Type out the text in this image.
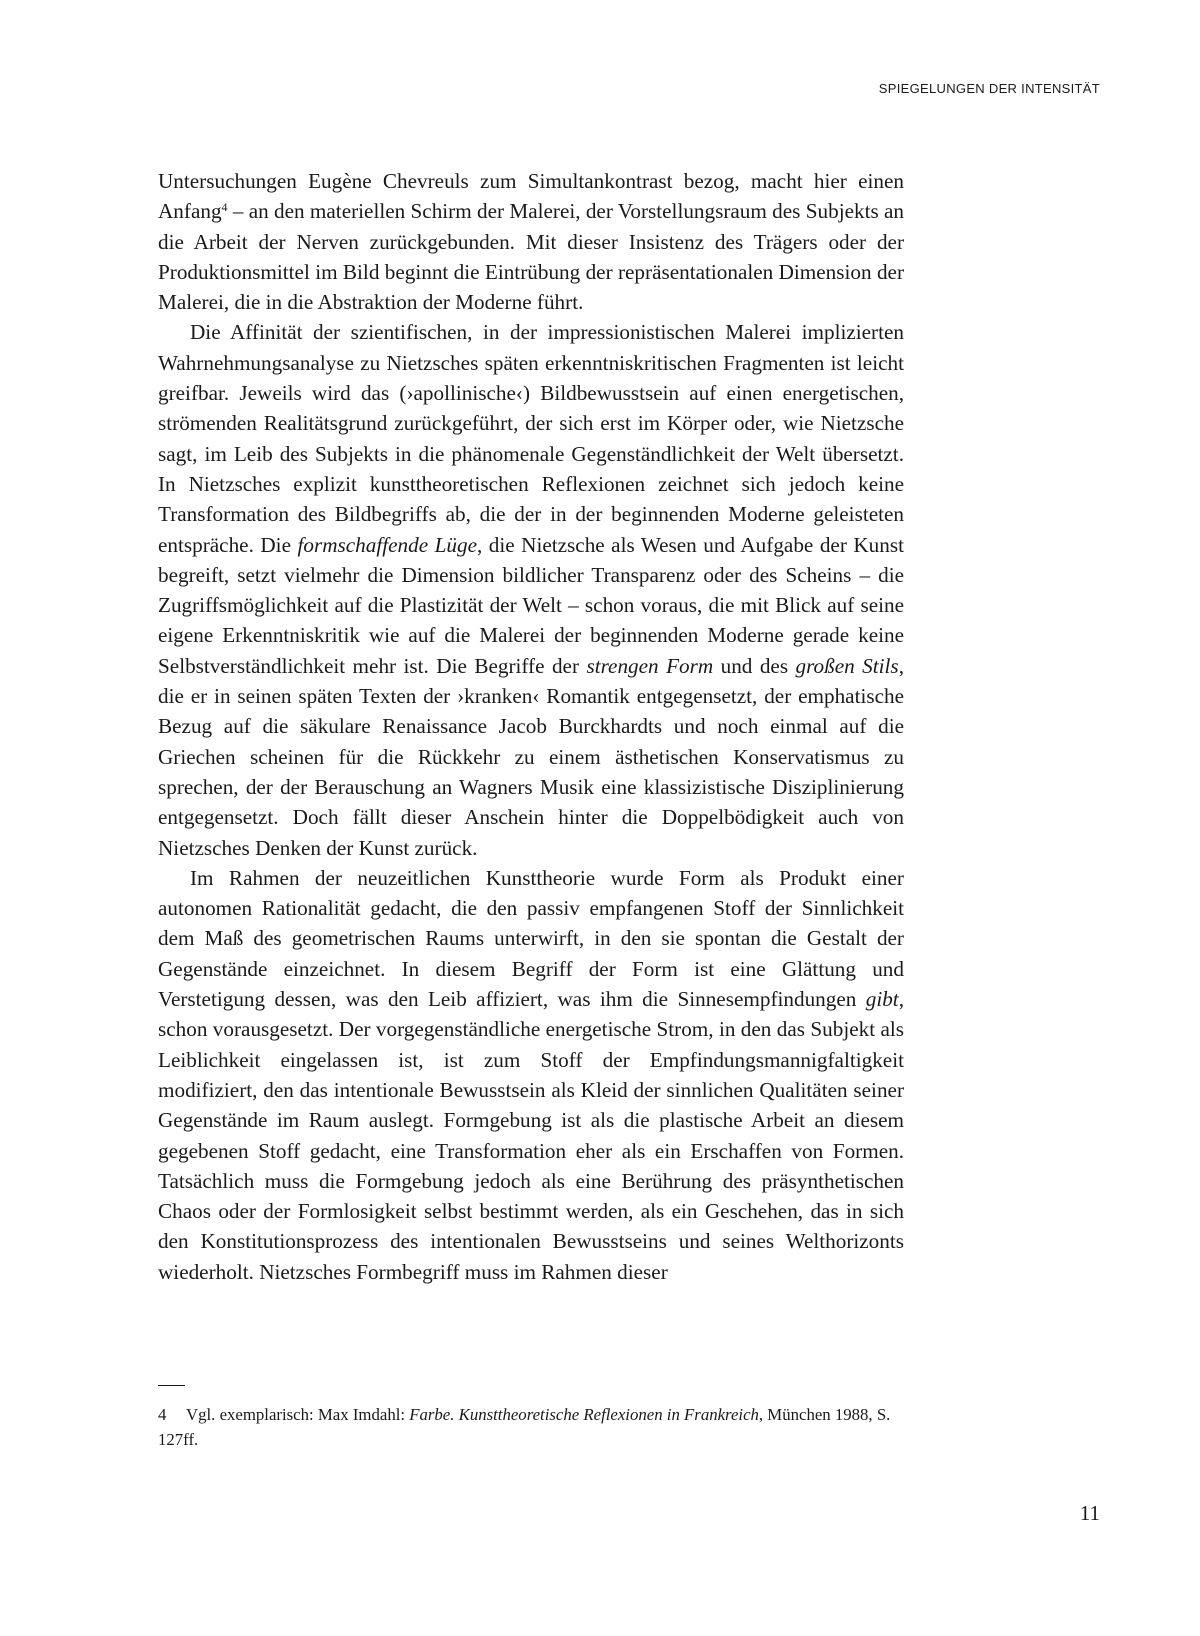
SPIEGELUNGEN DER INTENSITÄT

Untersuchungen Eugène Chevreuls zum Simultankontrast bezog, macht hier einen Anfang$^4$ – an den materiellen Schirm der Malerei, der Vorstellungsraum des Subjekts an die Arbeit der Nerven zurückgebunden. Mit dieser Insistenz des Trägers oder der Produktionsmittel im Bild beginnt die Eintrübung der repräsentationalen Dimension der Malerei, die in die Abstraktion der Moderne führt.

Die Affinität der szientifischen, in der impressionistischen Malerei implizierten Wahrnehmungsanalyse zu Nietzsches späten erkenntniskritischen Fragmenten ist leicht greifbar. Jeweils wird das (›apollinische‹) Bildbewusstsein auf einen energetischen, strömenden Realitätsgrund zurückgeführt, der sich erst im Körper oder, wie Nietzsche sagt, im Leib des Subjekts in die phänomenale Gegenständlichkeit der Welt übersetzt. In Nietzsches explizit kunsttheoretischen Reflexionen zeichnet sich jedoch keine Transformation des Bildbegriffs ab, die der in der beginnenden Moderne geleisteten entspräche. Die formschaffende Lüge, die Nietzsche als Wesen und Aufgabe der Kunst begreift, setzt vielmehr die Dimension bildlicher Transparenz oder des Scheins – die Zugriffsmöglichkeit auf die Plastizität der Welt – schon voraus, die mit Blick auf seine eigene Erkenntniskritik wie auf die Malerei der beginnenden Moderne gerade keine Selbstverständlichkeit mehr ist. Die Begriffe der strengen Form und des großen Stils, die er in seinen späten Texten der ›kranken‹ Romantik entgegensetzt, der emphatische Bezug auf die säkulare Renaissance Jacob Burckhardts und noch einmal auf die Griechen scheinen für die Rückkehr zu einem ästhetischen Konservatismus zu sprechen, der der Berauschung an Wagners Musik eine klassizistische Disziplinierung entgegensetzt. Doch fällt dieser Anschein hinter die Doppelbödigkeit auch von Nietzsches Denken der Kunst zurück.

Im Rahmen der neuzeitlichen Kunsttheorie wurde Form als Produkt einer autonomen Rationalität gedacht, die den passiv empfangenen Stoff der Sinnlichkeit dem Maß des geometrischen Raums unterwirft, in den sie spontan die Gestalt der Gegenstände einzeichnet. In diesem Begriff der Form ist eine Glättung und Verstetigung dessen, was den Leib affiziert, was ihm die Sinnesempfindungen gibt, schon vorausgesetzt. Der vorgegenständliche energetische Strom, in den das Subjekt als Leiblichkeit eingelassen ist, ist zum Stoff der Empfindungsmannigfaltigkeit modifiziert, den das intentionale Bewusstsein als Kleid der sinnlichen Qualitäten seiner Gegenstände im Raum auslegt. Formgebung ist als die plastische Arbeit an diesem gegebenen Stoff gedacht, eine Transformation eher als ein Erschaffen von Formen. Tatsächlich muss die Formgebung jedoch als eine Berührung des präsynthetischen Chaos oder der Formlosigkeit selbst bestimmt werden, als ein Geschehen, das in sich den Konstitutionsprozess des intentionalen Bewusstseins und seines Welthorizonts wiederholt. Nietzsches Formbegriff muss im Rahmen dieser

4 Vgl. exemplarisch: Max Imdahl: Farbe. Kunsttheoretische Reflexionen in Frankreich, München 1988, S. 127ff.

11
